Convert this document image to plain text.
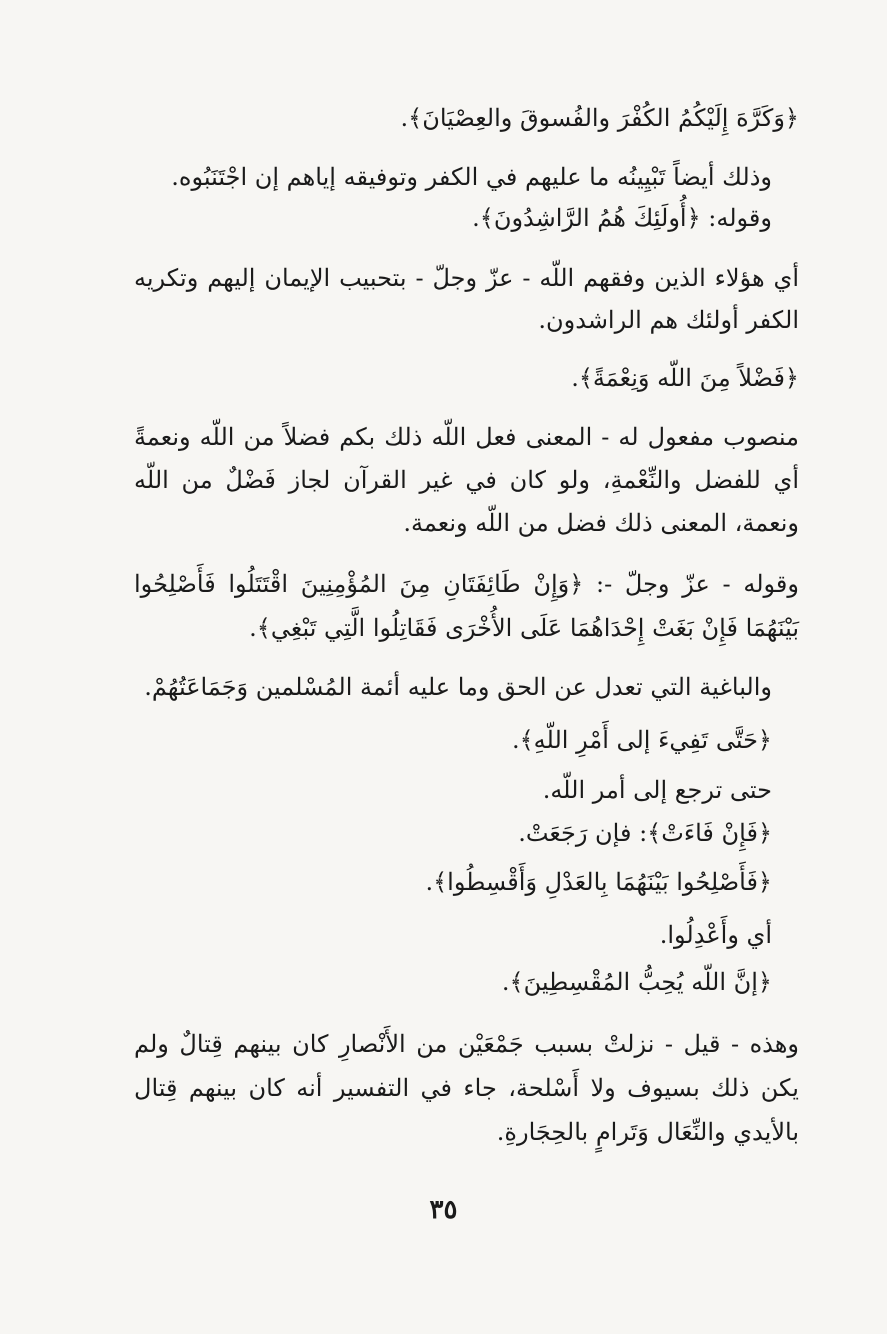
﴿وَكَرَّهَ إِلَيْكُمُ الكُفْرَ والفُسوقَ والعِصْيَانَ﴾.
وذلك أيضاً تَبْيِينُه ما عليهم في الكفر وتوفيقه إياهم إن اجْتَنَبُوه.
وقوله: ﴿أُولَئِكَ هُمُ الرَّاشِدُونَ﴾.
أي هؤلاء الذين وفقهم اللّه - عزّ وجلّ - بتحبيب الإيمان إليهم وتكريه الكفر أولئك هم الراشدون.
﴿فَضْلاً مِنَ اللّه وَنِعْمَةً﴾.
منصوب مفعول له - المعنى فعل اللّه ذلك بكم فضلاً من اللّه ونعمةً أي للفضل والنِّعْمةِ، ولو كان في غير القرآن لجاز فَضْلٌ من اللّه ونعمة، المعنى ذلك فضل من اللّه ونعمة.
وقوله - عزّ وجلّ -: ﴿وَإِنْ طَائِفَتَانِ مِنَ المُؤْمِنِينَ اقْتَتَلُوا فَأَصْلِحُوا بَيْنَهُمَا فَإِنْ بَغَتْ إِحْدَاهُمَا عَلَى الأُخْرَى فَقَاتِلُوا الَّتِي تَبْغِي﴾.
والباغية التي تعدل عن الحق وما عليه أئمة المُسْلمين وَجَمَاعَتُهُمْ.
﴿حَتَّى تَفِيءَ إلى أَمْرِ اللّهِ﴾.
حتى ترجع إلى أمر اللّه.
﴿فَإِنْ فَاءَتْ﴾: فإن رَجَعَتْ.
﴿فَأَصْلِحُوا بَيْنَهُمَا بِالعَدْلِ وَأَقْسِطُوا﴾.
أي وأَعْدِلُوا.
﴿إنَّ اللّه يُحِبُّ المُقْسِطِينَ﴾.
وهذه - قيل - نزلتْ بسبب جَمْعَيْن من الأَنْصارِ كان بينهم قِتالٌ ولم يكن ذلك بسيوف ولا أَسْلحة، جاء في التفسير أنه كان بينهم قِتال بالأيدي والنِّعَال وَتَرامٍ بالحِجَارةِ.
٣٥
